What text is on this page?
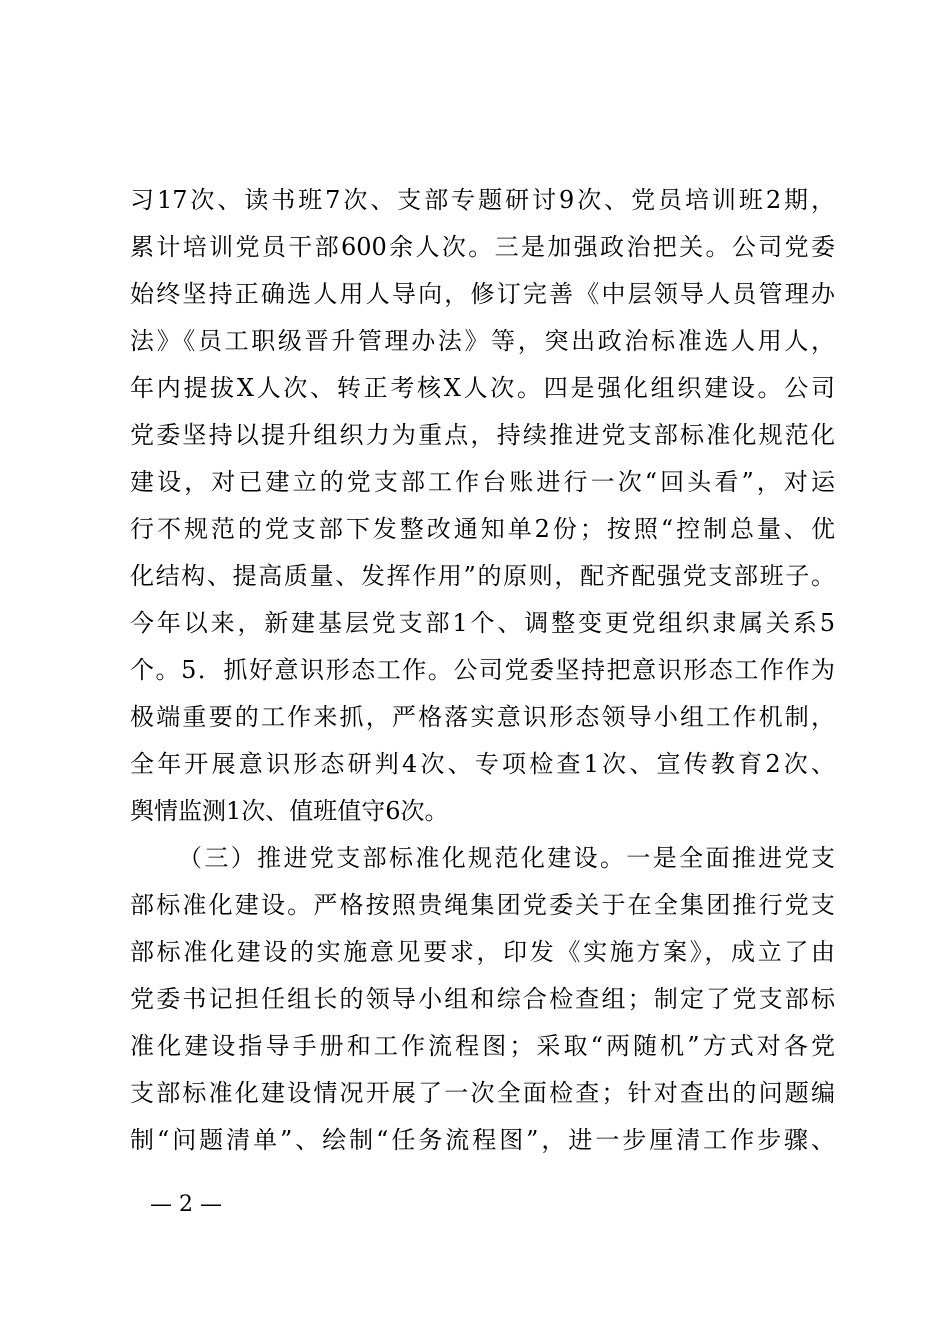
习17次、读书班7次、支部专题研讨9次、党员培训班2期，
累计培训党员干部600余人次。三是加强政治把关。公司党委
始终坚持正确选人用人导向，修订完善《中层领导人员管理办
法》《员工职级晋升管理办法》等，突出政治标准选人用人，
年内提拔X人次、转正考核X人次。四是强化组织建设。公司
党委坚持以提升组织力为重点，持续推进党支部标准化规范化
建设，对已建立的党支部工作台账进行一次“回头看”，对运
行不规范的党支部下发整改通知单2份；按照“控制总量、优
化结构、提高质量、发挥作用”的原则，配齐配强党支部班子。
今年以来，新建基层党支部1个、调整变更党组织隶属关系5
个。5．抓好意识形态工作。公司党委坚持把意识形态工作作为
极端重要的工作来抓，严格落实意识形态领导小组工作机制，
全年开展意识形态研判4次、专项检查1次、宣传教育2次、
舆情监测1次、值班值守6次。
（三）推进党支部标准化规范化建设。一是全面推进党支
部标准化建设。严格按照贵绳集团党委关于在全集团推行党支
部标准化建设的实施意见要求，印发《实施方案》，成立了由
党委书记担任组长的领导小组和综合检查组；制定了党支部标
准化建设指导手册和工作流程图；采取“两随机”方式对各党
支部标准化建设情况开展了一次全面检查；针对查出的问题编
制“问题清单”、绘制“任务流程图”，进一步厘清工作步骤、
— 2 —
